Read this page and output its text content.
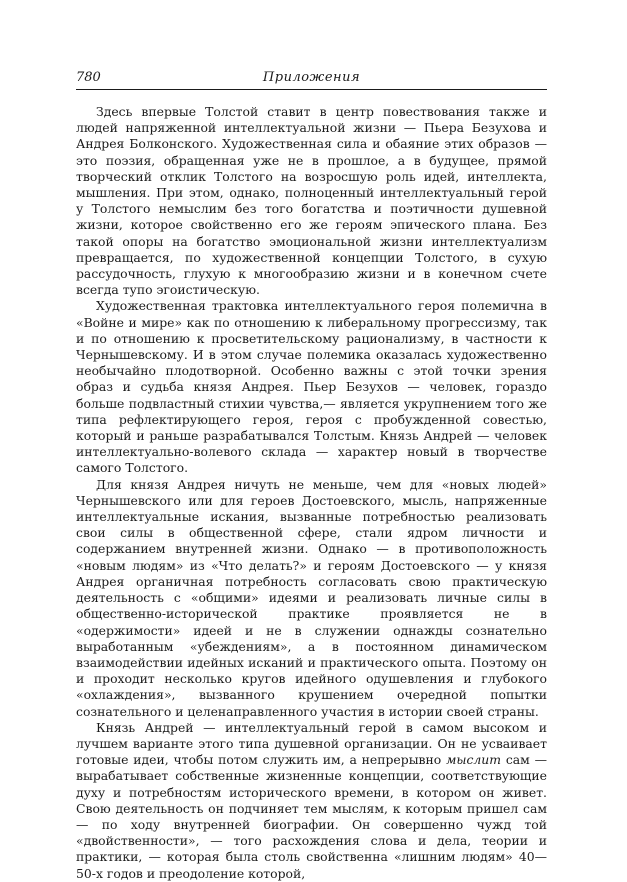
780	Приложения

Здесь впервые Толстой ставит в центр повествования также и людей напряженной интеллектуальной жизни — Пьера Безухова и Андрея Болконского. Художественная сила и обаяние этих образов — это поэзия, обращенная уже не в прошлое, а в будущее, прямой творческий отклик Толстого на возросшую роль идей, интеллекта, мышления. При этом, однако, полноценный интеллектуальный герой у Толстого немыслим без того богатства и поэтичности душевной жизни, которое свойственно его же героям эпического плана. Без такой опоры на богатство эмоциональной жизни интеллектуализм превращается, по художественной концепции Толстого, в сухую рассудочность, глухую к многообразию жизни и в конечном счете всегда тупо эгоистическую.

Художественная трактовка интеллектуального героя полемична в «Войне и мире» как по отношению к либеральному прогрессизму, так и по отношению к просветительскому рационализму, в частности к Чернышевскому. И в этом случае полемика оказалась художественно необычайно плодотворной. Особенно важны с этой точки зрения образ и судьба князя Андрея. Пьер Безухов — человек, гораздо больше подвластный стихии чувства,— является укрупнением того же типа рефлектирующего героя, героя с пробужденной совестью, который и раньше разрабатывался Толстым. Князь Андрей — человек интеллектуально-волевого склада — характер новый в творчестве самого Толстого.

Для князя Андрея ничуть не меньше, чем для «новых людей» Чернышевского или для героев Достоевского, мысль, напряженные интеллектуальные искания, вызванные потребностью реализовать свои силы в общественной сфере, стали ядром личности и содержанием внутренней жизни. Однако — в противоположность «новым людям» из «Что делать?» и героям Достоевского — у князя Андрея органичная потребность согласовать свою практическую деятельность с «общими» идеями и реализовать личные силы в общественно-исторической практике проявляется не в «одержимости» идеей и не в служении однажды сознательно выработанным «убеждениям», а в постоянном динамическом взаимодействии идейных исканий и практического опыта. Поэтому он и проходит несколько кругов идейного одушевления и глубокого «охлаждения», вызванного крушением очередной попытки сознательного и целенаправленного участия в истории своей страны.

Князь Андрей — интеллектуальный герой в самом высоком и лучшем варианте этого типа душевной организации. Он не усваивает готовые идеи, чтобы потом служить им, а непрерывно мыслит сам — вырабатывает собственные жизненные концепции, соответствующие духу и потребностям исторического времени, в котором он живет. Свою деятельность он подчиняет тем мыслям, к которым пришел сам — по ходу внутренней биографии. Он совершенно чужд той «двойственности», — того расхождения слова и дела, теории и практики, — которая была столь свойственна «лишним людям» 40—50-х годов и преодоление которой,
